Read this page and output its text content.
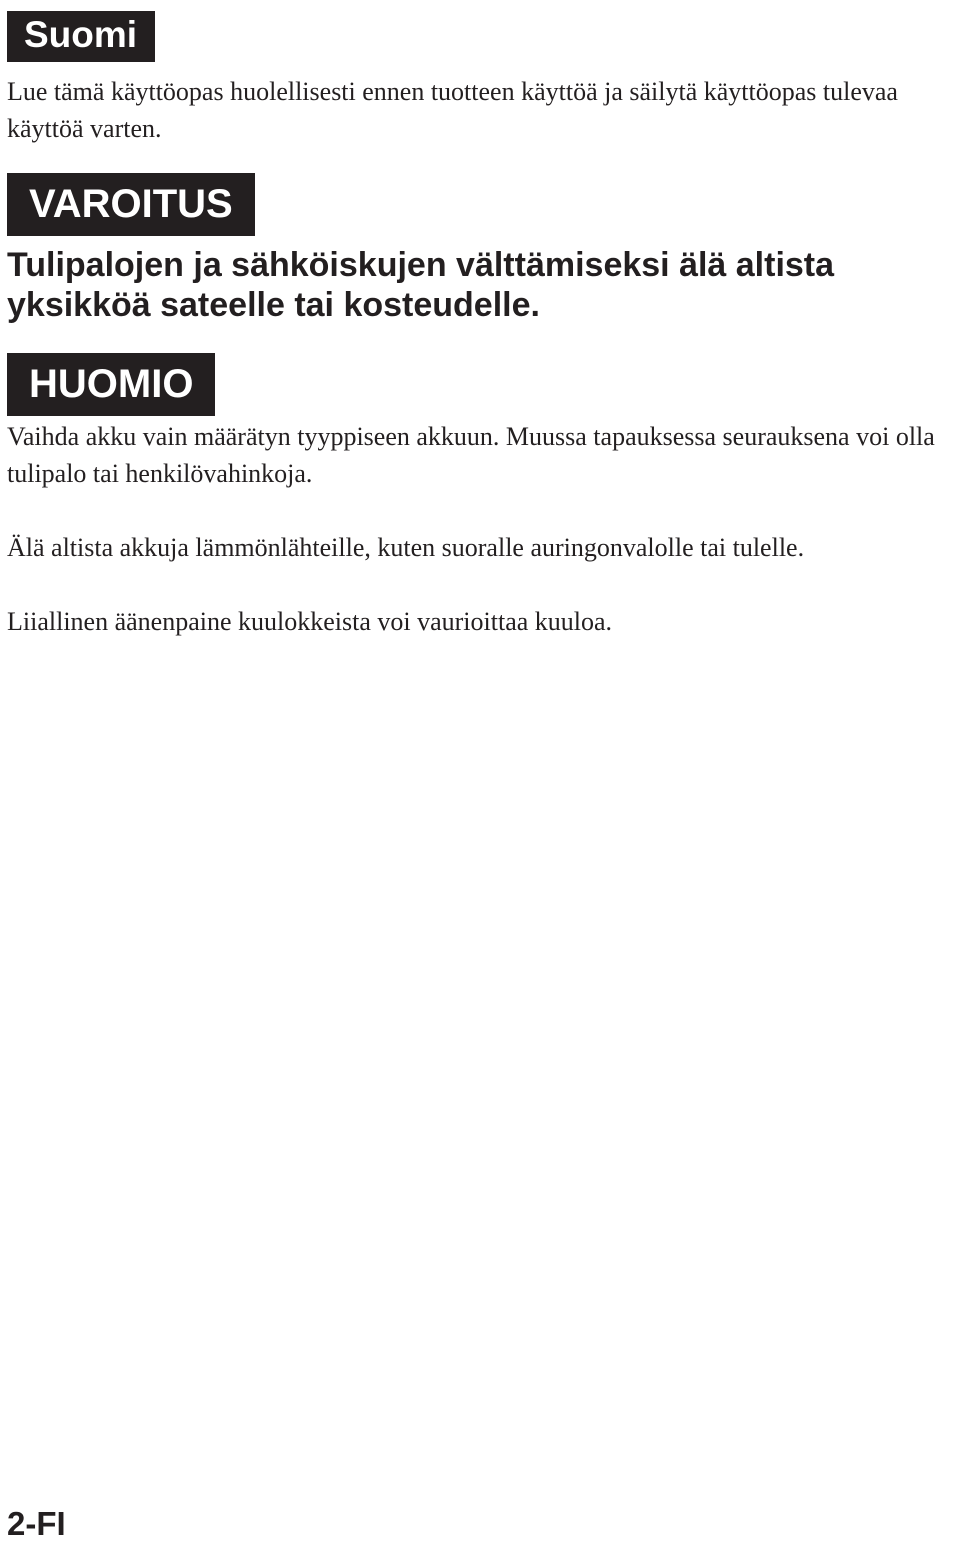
Suomi

Lue tämä käyttöopas huolellisesti ennen tuotteen käyttöä ja säilytä käyttöopas tulevaa käyttöä varten.

VAROITUS

Tulipalojen ja sähköiskujen välttämiseksi älä altista yksikköä sateelle tai kosteudelle.

HUOMIO

Vaihda akku vain määrätyn tyyppiseen akkuun. Muussa tapauksessa seurauksena voi olla tulipalo tai henkilövahinkoja.

Älä altista akkuja lämmönlähteille, kuten suoralle auringonvalolle tai tulelle.

Liiallinen äänenpaine kuulokkeista voi vaurioittaa kuuloa.

2-FI
